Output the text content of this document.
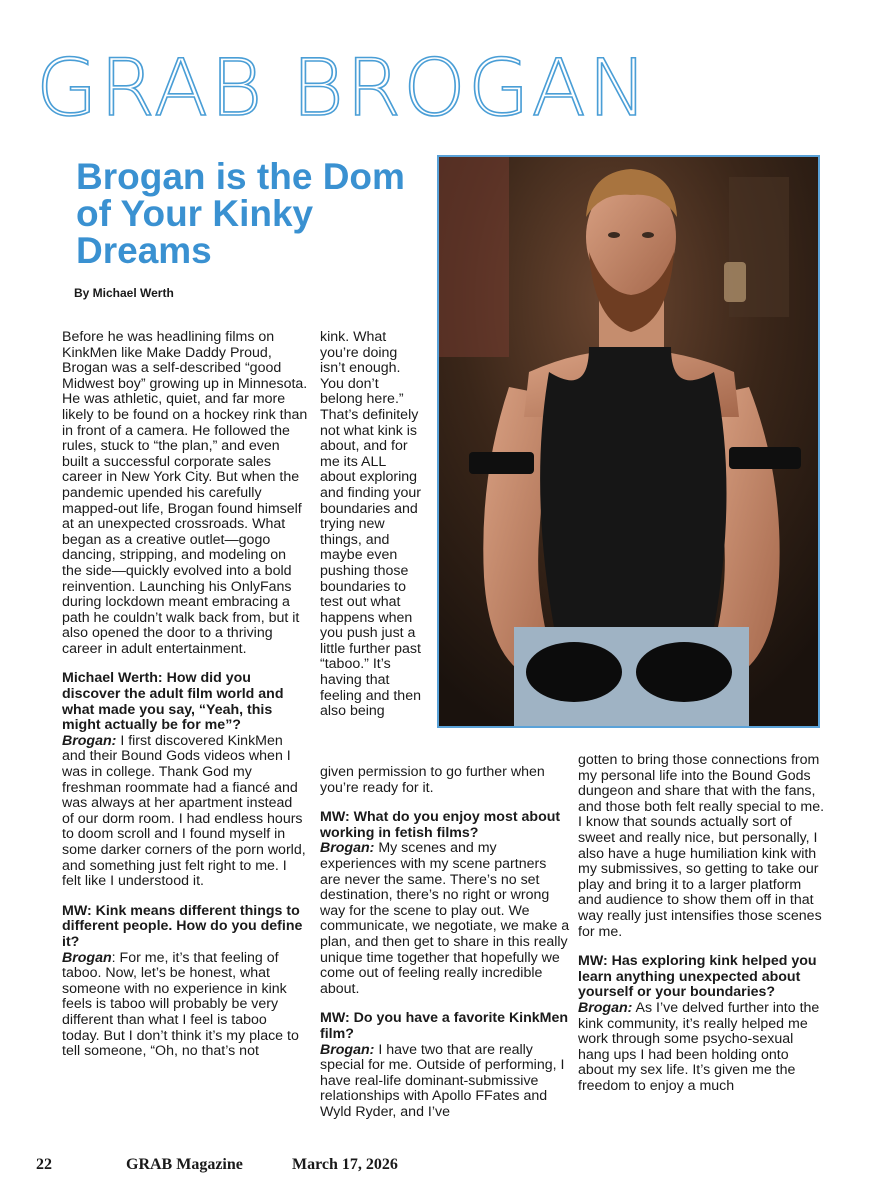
GRAB BROGAN
Brogan is the Dom of Your Kinky Dreams
By Michael Werth

Before he was headlining films on KinkMen like Make Daddy Proud, Brogan was a self-described “good Midwest boy” growing up in Minnesota. He was athletic, quiet, and far more likely to be found on a hockey rink than in front of a camera. He followed the rules, stuck to “the plan,” and even built a successful corporate sales career in New York City. But when the pandemic upended his carefully mapped-out life, Brogan found himself at an unexpected crossroads. What began as a creative outlet—gogo dancing, stripping, and modeling on the side—quickly evolved into a bold reinvention. Launching his OnlyFans during lockdown meant embracing a path he couldn’t walk back from, but it also opened the door to a thriving career in adult entertainment.

Michael Werth: How did you discover the adult film world and what made you say, “Yeah, this might actually be for me”?

Brogan: I first discovered KinkMen and their Bound Gods videos when I was in college. Thank God my freshman roommate had a fiancé and was always at her apartment instead of our dorm room. I had endless hours to doom scroll and I found myself in some darker corners of the porn world, and something just felt right to me. I felt like I understood it.

MW: Kink means different things to different people. How do you define it?

Brogan: For me, it’s that feeling of taboo. Now, let’s be honest, what someone with no experience in kink feels is taboo will probably be very different than what I feel is taboo today. But I don’t think it’s my place to tell someone, “Oh, no that’s not

kink. What you’re doing isn’t enough. You don’t belong here.” That’s definitely not what kink is about, and for me its ALL about exploring and finding your boundaries and trying new things, and maybe even pushing those boundaries to test out what happens when you push just a little further past “taboo.” It’s having that feeling and then also being

given permission to go further when you’re ready for it.

MW: What do you enjoy most about working in fetish films?

Brogan: My scenes and my experiences with my scene partners are never the same. There’s no set destination, there’s no right or wrong way for the scene to play out. We communicate, we negotiate, we make a plan, and then get to share in this really unique time together that hopefully we come out of feeling really incredible about.

MW: Do you have a favorite KinkMen film?

Brogan: I have two that are really special for me. Outside of performing, I have real-life dominant-submissive relationships with Apollo FFates and Wyld Ryder, and I’ve

gotten to bring those connections from my personal life into the Bound Gods dungeon and share that with the fans, and those both felt really special to me. I know that sounds actually sort of sweet and really nice, but personally, I also have a huge humiliation kink with my submissives, so getting to take our play and bring it to a larger platform and audience to show them off in that way really just intensifies those scenes for me.

MW: Has exploring kink helped you learn anything unexpected about yourself or your boundaries?

Brogan: As I’ve delved further into the kink community, it’s really helped me work through some psycho-sexual hang ups I had been holding onto about my sex life. It’s given me the freedom to enjoy a much

22	GRAB Magazine	March 17, 2026
